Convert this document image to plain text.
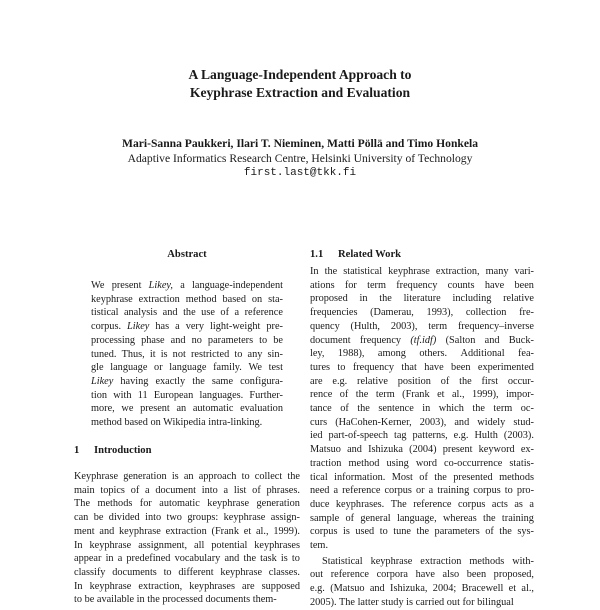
A Language-Independent Approach to
Keyphrase Extraction and Evaluation
Mari-Sanna Paukkeri, Ilari T. Nieminen, Matti Pöllä and Timo Honkela
Adaptive Informatics Research Centre, Helsinki University of Technology
first.last@tkk.fi
Abstract
We present Likey, a language-independent
keyphrase extraction method based on sta-
tistical analysis and the use of a reference
corpus. Likey has a very light-weight pre-
processing phase and no parameters to be
tuned. Thus, it is not restricted to any sin-
gle language or language family. We test
Likey having exactly the same configura-
tion with 11 European languages. Further-
more, we present an automatic evaluation
method based on Wikipedia intra-linking.
1 Introduction
Keyphrase generation is an approach to collect the
main topics of a document into a list of phrases.
The methods for automatic keyphrase generation
can be divided into two groups: keyphrase assign-
ment and keyphrase extraction (Frank et al., 1999).
In keyphrase assignment, all potential keyphrases
appear in a predefined vocabulary and the task is to
classify documents to different keyphrase classes.
In keyphrase extraction, keyphrases are supposed
to be available in the processed documents them-
1.1 Related Work
In the statistical keyphrase extraction, many vari-
ations for term frequency counts have been
proposed in the literature including relative
frequencies (Damerau, 1993), collection fre-
quency (Hulth, 2003), term frequency–inverse
document frequency (tf.idf) (Salton and Buck-
ley, 1988), among others. Additional fea-
tures to frequency that have been experimented
are e.g. relative position of the first occur-
rence of the term (Frank et al., 1999), impor-
tance of the sentence in which the term oc-
curs (HaCohen-Kerner, 2003), and widely stud-
ied part-of-speech tag patterns, e.g. Hulth (2003).
Matsuo and Ishizuka (2004) present keyword ex-
traction method using word co-occurrence statis-
tical information. Most of the presented methods
need a reference corpus or a training corpus to pro-
duce keyphrases. The reference corpus acts as a
sample of general language, whereas the training
corpus is used to tune the parameters of the sys-
tem.
Statistical keyphrase extraction methods with-
out reference corpora have also been proposed,
e.g. (Matsuo and Ishizuka, 2004; Bracewell et al.,
2005). The latter study is carried out for bilingual
